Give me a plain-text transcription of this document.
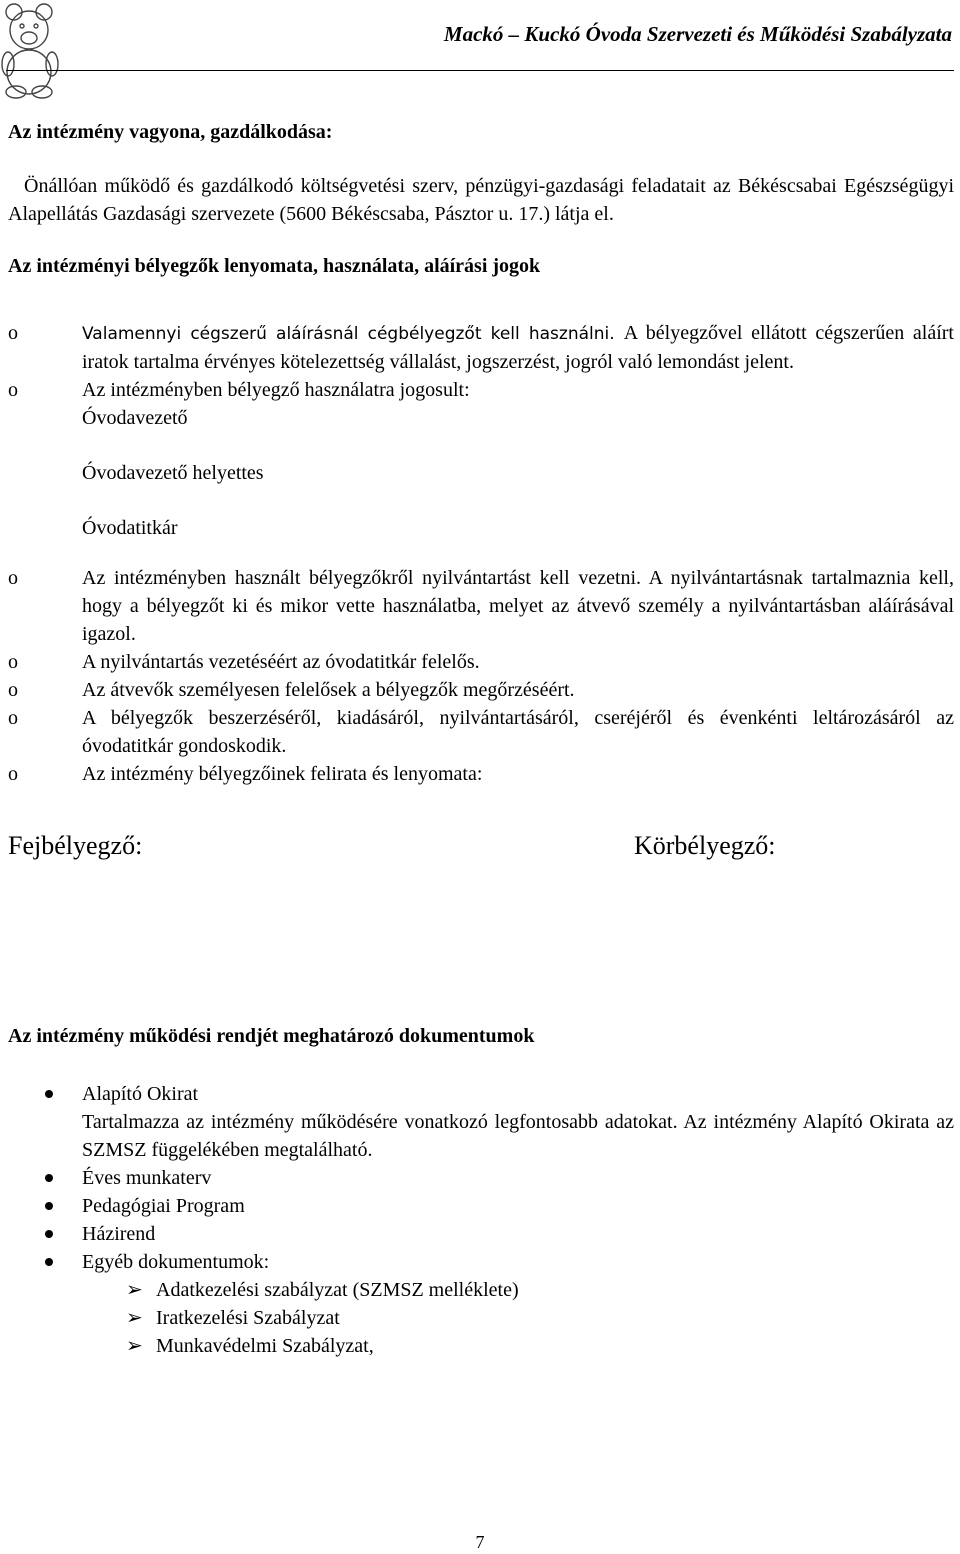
Mackó – Kuckó Óvoda Szervezeti és Működési Szabályzata
Az intézmény vagyona, gazdálkodása:

Önállóan működő és gazdálkodó költségvetési szerv, pénzügyi-gazdasági feladatait az Békéscsabai Egészségügyi Alapellátás Gazdasági szervezete (5600 Békéscsaba, Pásztor u. 17.) látja el.

Az intézményi bélyegzők lenyomata, használata, aláírási jogok
o	Valamennyi cégszerű aláírásnál cégbélyegzőt kell használni. A bélyegzővel ellátott cégszerűen aláírt iratok tartalma érvényes kötelezettség vállalást, jogszerzést, jogról való lemondást jelent.

o	Az intézményben bélyegző használatra jogosult:

Óvodavezető

Óvodavezető helyettes

Óvodatitkár

o	Az intézményben használt bélyegzőkről nyilvántartást kell vezetni. A nyilvántartásnak tartalmaznia kell, hogy a bélyegzőt ki és mikor vette használatba, melyet az átvevő személy a nyilvántartásban aláírásával igazol.

o	A nyilvántartás vezetéséért az óvodatitkár felelős.

o	Az átvevők személyesen felelősek a bélyegzők megőrzéséért.

o	A bélyegzők beszerzéséről, kiadásáról, nyilvántartásáról, cseréjéről és évenkénti leltározásáról az óvodatitkár gondoskodik.

o	Az intézmény bélyegzőinek felirata és lenyomata:

Fejbélyegző:	Körbélyegző:
Az intézmény működési rendjét meghatározó dokumentumok

Alapító Okirat

Tartalmazza az intézmény működésére vonatkozó legfontosabb adatokat. Az intézmény Alapító Okirata az SZMSZ függelékében megtalálható.

Éves munkaterv

Pedagógiai Program

Házirend

Egyéb dokumentumok:

➢ Adatkezelési szabályzat (SZMSZ melléklete)
➢ Iratkezelési Szabályzat
➢ Munkavédelmi Szabályzat,
7
